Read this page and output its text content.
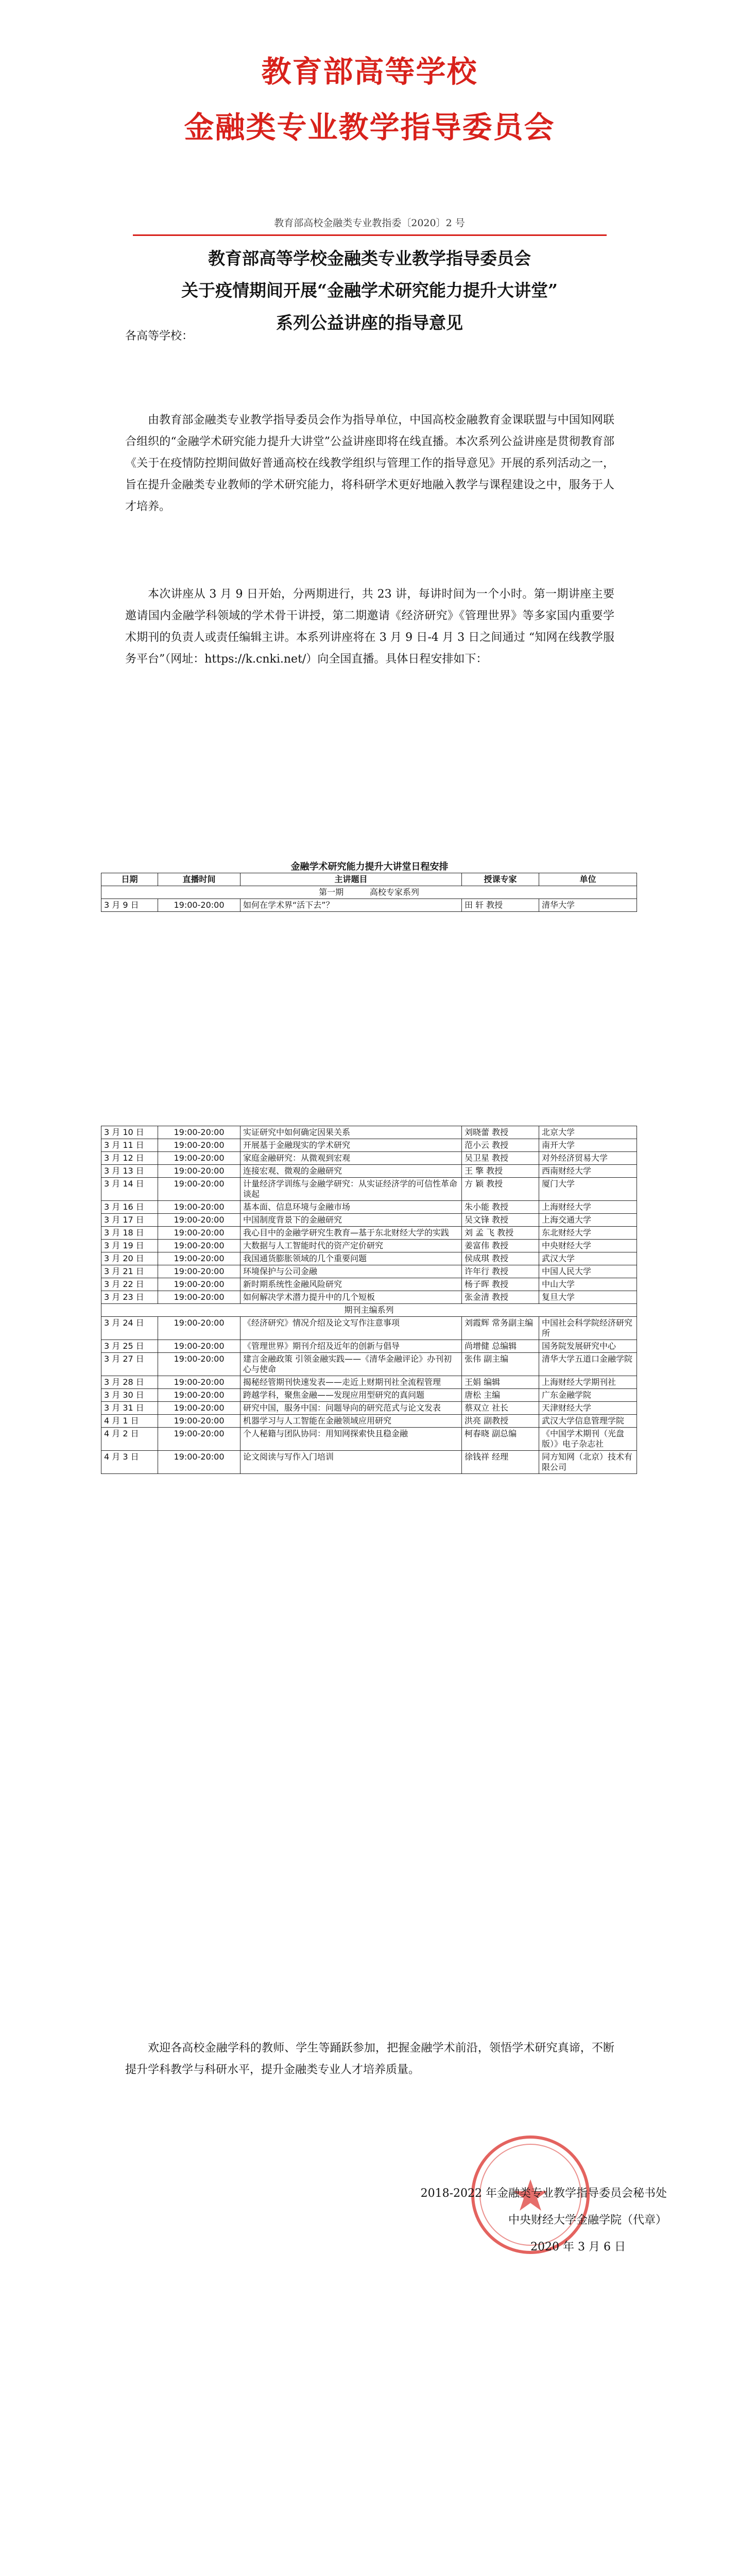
教育部高等学校
金融类专业教学指导委员会
教育部高校金融类专业教指委〔2020〕2 号
教育部高等学校金融类专业教学指导委员会
关于疫情期间开展“金融学术研究能力提升大讲堂”
系列公益讲座的指导意见
各高等学校：
由教育部金融类专业教学指导委员会作为指导单位，中国高校金融教育金课联盟与中国知网联合组织的“金融学术研究能力提升大讲堂”公益讲座即将在线直播。本次系列公益讲座是贯彻教育部《关于在疫情防控期间做好普通高校在线教学组织与管理工作的指导意见》开展的系列活动之一，旨在提升金融类专业教师的学术研究能力，将科研学术更好地融入教学与课程建设之中，服务于人才培养。
本次讲座从 3 月 9 日开始，分两期进行，共 23 讲，每讲时间为一个小时。第一期讲座主要邀请国内金融学科领域的学术骨干讲授，第二期邀请《经济研究》《管理世界》等多家国内重要学术期刊的负责人或责任编辑主讲。本系列讲座将在 3 月 9 日-4 月 3 日之间通过 “知网在线教学服务平台”（网址：https://k.cnki.net/）向全国直播。具体日程安排如下：
金融学术研究能力提升大讲堂日程安排
日期	直播时间	主讲题目	授课专家	单位
第一期          高校专家系列				
3 月 9 日	19:00-20:00	如何在学术界“活下去”？	田 轩 教授	清华大学
3 月 10 日	19:00-20:00	实证研究中如何确定因果关系	刘晓蕾 教授	北京大学
3 月 11 日	19:00-20:00	开展基于金融现实的学术研究	范小云 教授	南开大学
3 月 12 日	19:00-20:00	家庭金融研究：从微观到宏观	吴卫星 教授	对外经济贸易大学
3 月 13 日	19:00-20:00	连接宏观、微观的金融研究	王 擎 教授	西南财经大学
3 月 14 日	19:00-20:00	计量经济学训练与金融学研究：从实证经济学的可信性革命谈起	方 颖 教授	厦门大学
3 月 16 日	19:00-20:00	基本面、信息环境与金融市场	朱小能 教授	上海财经大学
3 月 17 日	19:00-20:00	中国制度背景下的金融研究	吴文锋 教授	上海交通大学
3 月 18 日	19:00-20:00	我心目中的金融学研究生教育—基于东北财经大学的实践	刘 孟 飞 教授	东北财经大学
3 月 19 日	19:00-20:00	大数据与人工智能时代的资产定价研究	姜富伟 教授	中央财经大学
3 月 20 日	19:00-20:00	我国通货膨胀领域的几个重要问题	侯成琪 教授	武汉大学
3 月 21 日	19:00-20:00	环境保护与公司金融	许年行 教授	中国人民大学
3 月 22 日	19:00-20:00	新时期系统性金融风险研究	杨子晖 教授	中山大学
3 月 23 日	19:00-20:00	如何解决学术潜力提升中的几个短板	张金清 教授	复旦大学
期刊主编系列				
3 月 24 日	19:00-20:00	《经济研究》情况介绍及论文写作注意事项	刘霞辉 常务副主编	中国社会科学院经济研究所
3 月 25 日	19:00-20:00	《管理世界》期刊介绍及近年的创新与倡导	尚增健 总编辑	国务院发展研究中心
3 月 27 日	19:00-20:00	建言金融政策 引领金融实践——《清华金融评论》办刊初心与使命	张伟 副主编	清华大学五道口金融学院
3 月 28 日	19:00-20:00	揭秘经管期刊快速发表——走近上财期刊社全流程管理	王娟 编辑	上海财经大学期刊社
3 月 30 日	19:00-20:00	跨越学科，聚焦金融——发现应用型研究的真问题	唐松 主编	广东金融学院
3 月 31 日	19:00-20:00	研究中国，服务中国：问题导向的研究范式与论文发表	蔡双立 社长	天津财经大学
4 月 1 日	19:00-20:00	机器学习与人工智能在金融领域应用研究	洪亮 副教授	武汉大学信息管理学院
4 月 2 日	19:00-20:00	个人秘籍与团队协同：用知网探索快且稳金融	柯春晓 副总编	《中国学术期刊（光盘版）》电子杂志社
4 月 3 日	19:00-20:00	论文阅读与写作入门培训	徐钱祥 经理	同方知网（北京）技术有限公司
欢迎各高校金融学科的教师、学生等踊跃参加，把握金融学术前沿，领悟学术研究真谛，不断提升学科教学与科研水平，提升金融类专业人才培养质量。
2018-2022 年金融类专业教学指导委员会秘书处
中央财经大学金融学院（代章）
2020 年 3 月 6 日
